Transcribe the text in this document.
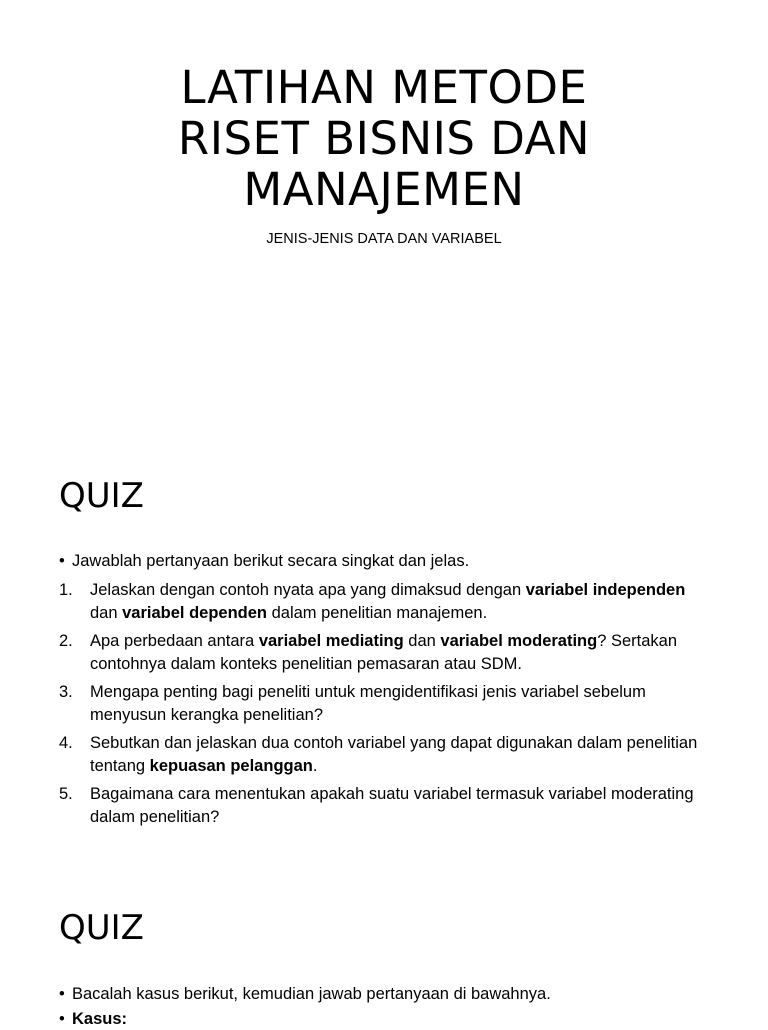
LATIHAN METODE
RISET BISNIS DAN
MANAJEMEN
JENIS-JENIS DATA DAN VARIABEL
QUIZ
• Jawablah pertanyaan berikut secara singkat dan jelas.
1. Jelaskan dengan contoh nyata apa yang dimaksud dengan variabel independen dan variabel dependen dalam penelitian manajemen.
2. Apa perbedaan antara variabel mediating dan variabel moderating? Sertakan contohnya dalam konteks penelitian pemasaran atau SDM.
3. Mengapa penting bagi peneliti untuk mengidentifikasi jenis variabel sebelum menyusun kerangka penelitian?
4. Sebutkan dan jelaskan dua contoh variabel yang dapat digunakan dalam penelitian tentang kepuasan pelanggan.
5. Bagaimana cara menentukan apakah suatu variabel termasuk variabel moderating dalam penelitian?
QUIZ
• Bacalah kasus berikut, kemudian jawab pertanyaan di bawahnya.
• Kasus:
